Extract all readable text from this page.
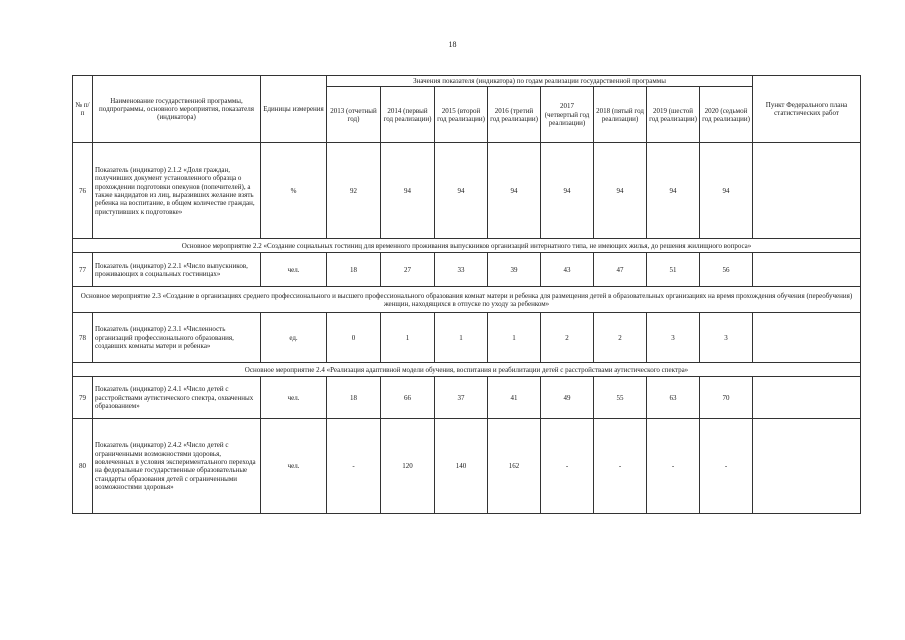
18
№ п/п	Наименование государственной программы, подпрограммы, основного мероприятия, показателя (индикатора)	Единицы измерения	Значения показателя (индикатора) по годам реализации государственной программы								Пункт Федерального плана статистических работ
			2013 (отчетный год)	2014 (первый год реализации)	2015 (второй год реализации)	2016 (третий год реализации)	2017 (четвертый год реализации)	2018 (пятый год реализации)	2019 (шестой год реализации)	2020 (седьмой год реализации)	
76	Показатель (индикатор) 2.1.2 «Доля граждан, получивших документ установленного образца о прохождении подготовки опекунов (попечителей), а также кандидатов из лиц, выразивших желание взять ребенка на воспитание, в общем количестве граждан, приступивших к подготовке»	%	92	94	94	94	94	94	94	94	
Основное мероприятие 2.2 «Создание социальных гостиниц для временного проживания выпускников организаций интернатного типа, не имеющих жилья, до решения жилищного вопроса»											
77	Показатель (индикатор) 2.2.1 «Число выпускников, проживающих в социальных гостиницах»	чел.	18	27	33	39	43	47	51	56	
Основное мероприятие 2.3 «Создание в организациях среднего профессионального и высшего профессионального образования комнат матери и ребенка для размещения детей в образовательных организациях на время прохождения обучения (переобучения) женщин, находящихся в отпуске по уходу за ребенком»											
78	Показатель (индикатор) 2.3.1 «Численность организаций профессионального образования, создавших комнаты матери и ребенка»	ед.	0	1	1	1	2	2	3	3	
Основное мероприятие 2.4 «Реализация адаптивной модели обучения, воспитания и реабилитации детей с расстройствами аутистического спектра»											
79	Показатель (индикатор) 2.4.1 «Число детей с расстройствами аутистического спектра, охваченных образованием»	чел.	18	66	37	41	49	55	63	70	
80	Показатель (индикатор) 2.4.2 «Число детей с ограниченными возможностями здоровья, вовлеченных в условия экспериментального перехода на федеральные государственные образовательные стандарты образования детей с ограниченными возможностями здоровья»	чел.	-	120	140	162	-	-	-	-	
